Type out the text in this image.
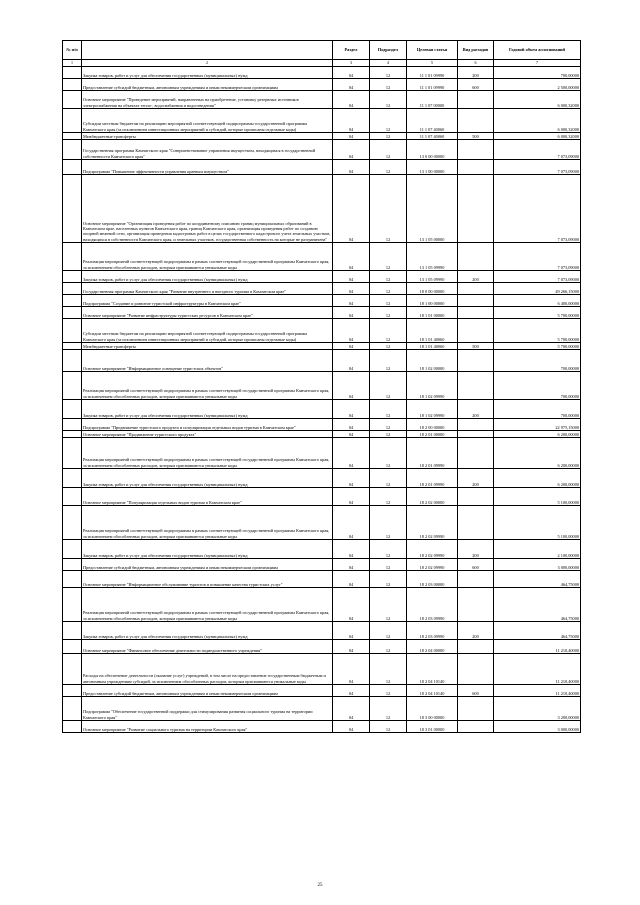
№ п/п		Раздел	Подраздел	Целевая статья	Вид расходов	Годовой объем ассигнований
1	2	3	4	5	6	7
	Закупка товаров, работ и услуг для обеспечения государственных (муниципальных) нужд	04	12	11 1 01 09990	200	700,00000
	Предоставление субсидий бюджетным, автономным учреждениям и иным некоммерческим организациям	04	12	11 1 01 09990	600	2 500,00000
	Основное мероприятие "Проведение мероприятий, направленных на приобретение, установку резервных источников электроснабжения на объектах тепло-, водоснабжения и водоотведения"	04	12	11 1 07 00000		6 000,32000
	Субсидии местным бюджетам на реализацию мероприятий соответствующей подпрограммы государственной программы Камчатского края (за исключением инвестиционных мероприятий и субсидий, которые прописаны отдельные коды)	04	12	11 1 07 40060		6 000,32000
	Межбюджетные трансферты	04	12	11 1 07 40060	500	6 000,32000
	Государственная программа Камчатского края "Совершенствование управления имуществом, находящимся в государственной собственности Камчатского края"	04	12	13 0 00 00000		7 073,09000
	Подпрограмма "Повышение эффективности управления краевым имуществом"	04	12	13 1 00 00000		7 073,09000
	Основное мероприятие "Организация проведения работ по координатному описанию границ муниципальных образований в Камчатском крае, населенных пунктов Камчатского края, границ Камчатского края, организация проведения работ по созданию опорной межевой сети, организация проведения кадастровых работ в целях государственного кадастрового учета земельных участков, находящихся в собственности Камчатского края, и земельных участков, государственная собственность на которые не разграничена"	04	12	13 1 05 00000		7 073,09000
	Реализация мероприятий соответствующей подпрограммы в рамках соответствующей государственной программы Камчатского края, за исключением обособленных расходов, которым присваиваются уникальные коды	04	12	13 1 05 09990		7 073,09000
	Закупка товаров, работ и услуг для обеспечения государственных (муниципальных) нужд	04	12	13 1 05 09990	200	7 073,09000
	Государственная программа Камчатского края "Развитие внутреннего и въездного туризма в Камчатском крае"	04	12	18 0 00 00000		49 266,15000
	Подпрограмма "Создание и развитие туристской инфраструктуры в Камчатском крае"	04	12	18 1 00 00000		6 400,00000
	Основное мероприятие "Развитие инфраструктуры туристских ресурсов в Камчатском крае"	04	12	18 1 01 00000		5 700,00000
	Субсидии местным бюджетам на реализацию мероприятий соответствующей подпрограммы государственной программы Камчатского края (за исключением инвестиционных мероприятий и субсидий, которые прописаны отдельные коды)	04	12	18 1 01 40060		5 700,00000
	Межбюджетные трансферты	04	12	18 1 01 40060	500	5 700,00000
	Основное мероприятие "Информационное освещение туристских объектов"	04	12	18 1 02 00000		700,00000
	Реализация мероприятий соответствующей подпрограммы в рамках соответствующей государственной программы Камчатского края, за исключением обособленных расходов, которым присваиваются уникальные коды	04	12	18 1 02 09990		700,00000
	Закупка товаров, работ и услуг для обеспечения государственных (муниципальных) нужд	04	12	18 1 02 09990	200	700,00000
	Подпрограмма "Продвижение туристского продукта и популяризация отдельных видов туризма в Камчатском крае"	04	12	18 2 00 00000		22 975,15000
	Основное мероприятие "Продвижение туристского продукта"	04	12	18 2 01 00000		6 200,00000
	Реализация мероприятий соответствующей подпрограммы в рамках соответствующей государственной программы Камчатского края, за исключением обособленных расходов, которым присваиваются уникальные коды	04	12	18 2 01 09990		6 200,00000
	Закупка товаров, работ и услуг для обеспечения государственных (муниципальных) нужд	04	12	18 2 01 09990	200	6 200,00000
	Основное мероприятие "Популяризация отдельных видов туризма в Камчатском крае"	04	12	18 2 02 00000		5 100,00000
	Реализация мероприятий соответствующей подпрограммы в рамках соответствующей государственной программы Камчатского края, за исключением обособленных расходов, которым присваиваются уникальные коды	04	12	18 2 02 09990		5 100,00000
	Закупка товаров, работ и услуг для обеспечения государственных (муниципальных) нужд	04	12	18 2 02 09990	200	2 100,00000
	Предоставление субсидий бюджетным, автономным учреждениям и иным некоммерческим организациям	04	12	18 2 02 09990	600	3 000,00000
	Основное мероприятие "Информационное обслуживание туристов и повышение качества туристских услуг"	04	12	18 2 03 00000		464,75000
	Реализация мероприятий соответствующей подпрограммы в рамках соответствующей государственной программы Камчатского края, за исключением обособленных расходов, которым присваиваются уникальные коды	04	12	18 2 03 09990		464,75000
	Закупка товаров, работ и услуг для обеспечения государственных (муниципальных) нужд	04	12	18 2 03 09990	200	464,75000
	Основное мероприятие "Финансовое обеспечение деятельности подведомственного учреждения"	04	12	18 2 04 00000		11 210,40000
	Расходы на обеспечение деятельности (оказание услуг) учреждений, в том числе на предоставление государственным бюджетным и автономным учреждениям субсидий, за исключением обособленных расходов, которым присваиваются уникальные коды	04	12	18 2 04 10140		11 210,40000
	Предоставление субсидий бюджетным, автономным учреждениям и иным некоммерческим организациям	04	12	18 2 04 10140	600	11 210,40000
	Подпрограмма "Обеспечение государственной поддержки для стимулирования развития социального туризма на территории Камчатского края"	04	12	18 3 00 00000		3 200,00000
	Основное мероприятие "Развитие социального туризма на территории Камчатского края"	04	12	18 3 01 00000		3 000,00000
25
